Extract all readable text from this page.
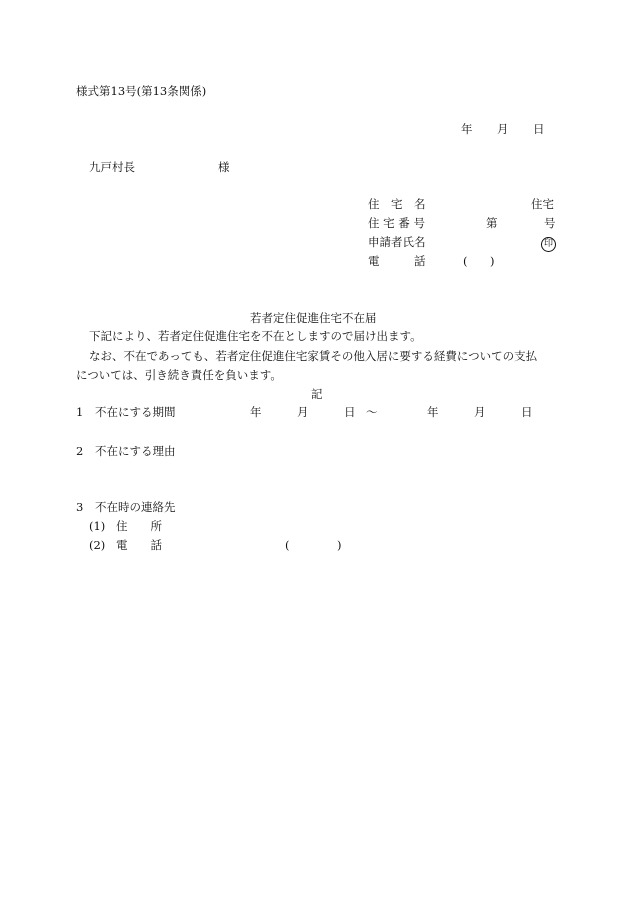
様式第13号(第13条関係)
年 月 日
九戸村長	様
住　宅　名	住宅
住 宅 番 号	第	号
申請者氏名	印
電　　　話	( )
若者定住促進住宅不在届
下記により、若者定住促進住宅を不在としますので届け出ます。
なお、不在であっても、若者定住促進住宅家賃その他入居に要する経費についての支払
については、引き続き責任を負います。
記
1 不在にする期間	年	月	日 ～	年	月	日
2 不在にする理由
3 不在時の連絡先
(1) 住　　所
(2) 電　　話	(	)
